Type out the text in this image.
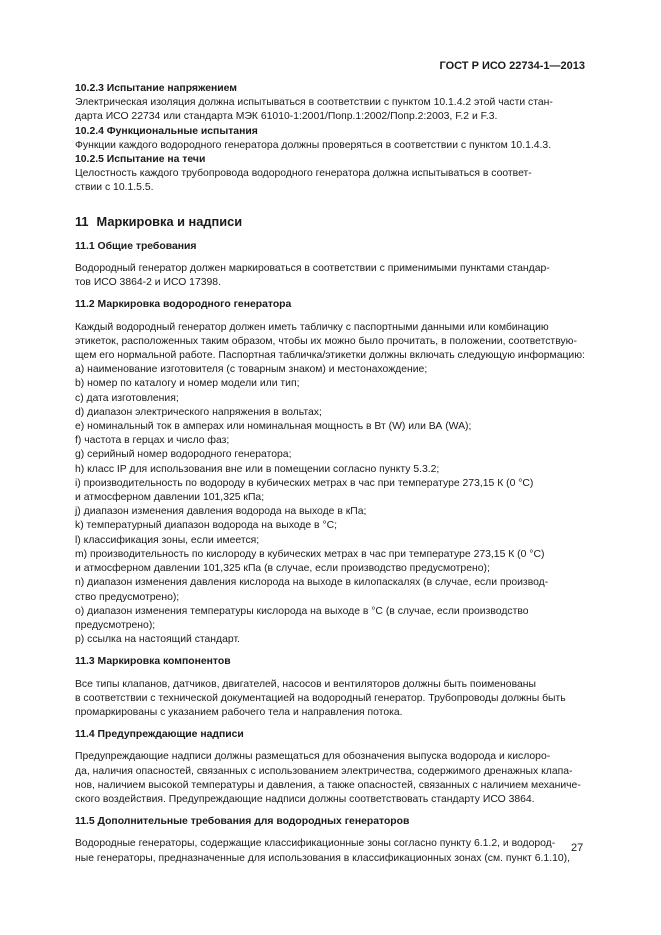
ГОСТ Р ИСО 22734-1—2013

10.2.3 Испытание напряжением

Электрическая изоляция должна испытываться в соответствии с пунктом 10.1.4.2 этой части стан-

дарта ИСО 22734 или стандарта МЭК 61010-1:2001/Попр.1:2002/Попр.2:2003, F.2 и F.3.

10.2.4 Функциональные испытания

Функции каждого водородного генератора должны проверяться в соответствии с пунктом 10.1.4.3.

10.2.5 Испытание на течи

Целостность каждого трубопровода водородного генератора должна испытываться в соответ-

ствии с 10.1.5.5.

11 Маркировка и надписи

11.1 Общие требования

Водородный генератор должен маркироваться в соответствии с применимыми пунктами стандар-

тов ИСО 3864-2 и ИСО 17398.

11.2 Маркировка водородного генератора

Каждый водородный генератор должен иметь табличку с паспортными данными или комбинацию

этикеток, расположенных таким образом, чтобы их можно было прочитать, в положении, соответствую-

щем его нормальной работе. Паспортная табличка/этикетки должны включать следующую информацию:

a) наименование изготовителя (с товарным знаком) и местонахождение;

b) номер по каталогу и номер модели или тип;

c) дата изготовления;

d) диапазон электрического напряжения в вольтах;

e) номинальный ток в амперах или номинальная мощность в Вт (W) или ВА (WA);

f) частота в герцах и число фаз;

g) серийный номер водородного генератора;

h) класс IP для использования вне или в помещении согласно пункту 5.3.2;

i) производительность по водороду в кубических метрах в час при температуре 273,15 К (0 °С)

и атмосферном давлении 101,325 кПа;

j) диапазон изменения давления водорода на выходе в кПа;

k) температурный диапазон водорода на выходе в °С;

l) классификация зоны, если имеется;

m) производительность по кислороду в кубических метрах в час при температуре 273,15 К (0 °С)

и атмосферном давлении 101,325 кПа (в случае, если производство предусмотрено);

n) диапазон изменения давления кислорода на выходе в килопаскалях (в случае, если производ-

ство предусмотрено);

o) диапазон изменения температуры кислорода на выходе в °С (в случае, если производство

предусмотрено);

p) ссылка на настоящий стандарт.

11.3 Маркировка компонентов

Все типы клапанов, датчиков, двигателей, насосов и вентиляторов должны быть поименованы

в соответствии с технической документацией на водородный генератор. Трубопроводы должны быть

промаркированы с указанием рабочего тела и направления потока.

11.4 Предупреждающие надписи

Предупреждающие надписи должны размещаться для обозначения выпуска водорода и кислоро-

да, наличия опасностей, связанных с использованием электричества, содержимого дренажных клапа-

нов, наличием высокой температуры и давления, а также опасностей, связанных с наличием механиче-

ского воздействия. Предупреждающие надписи должны соответствовать стандарту ИСО 3864.

11.5 Дополнительные требования для водородных генераторов

Водородные генераторы, содержащие классификационные зоны согласно пункту 6.1.2, и водород-

ные генераторы, предназначенные для использования в классификационных зонах (см. пункт 6.1.10),

27
